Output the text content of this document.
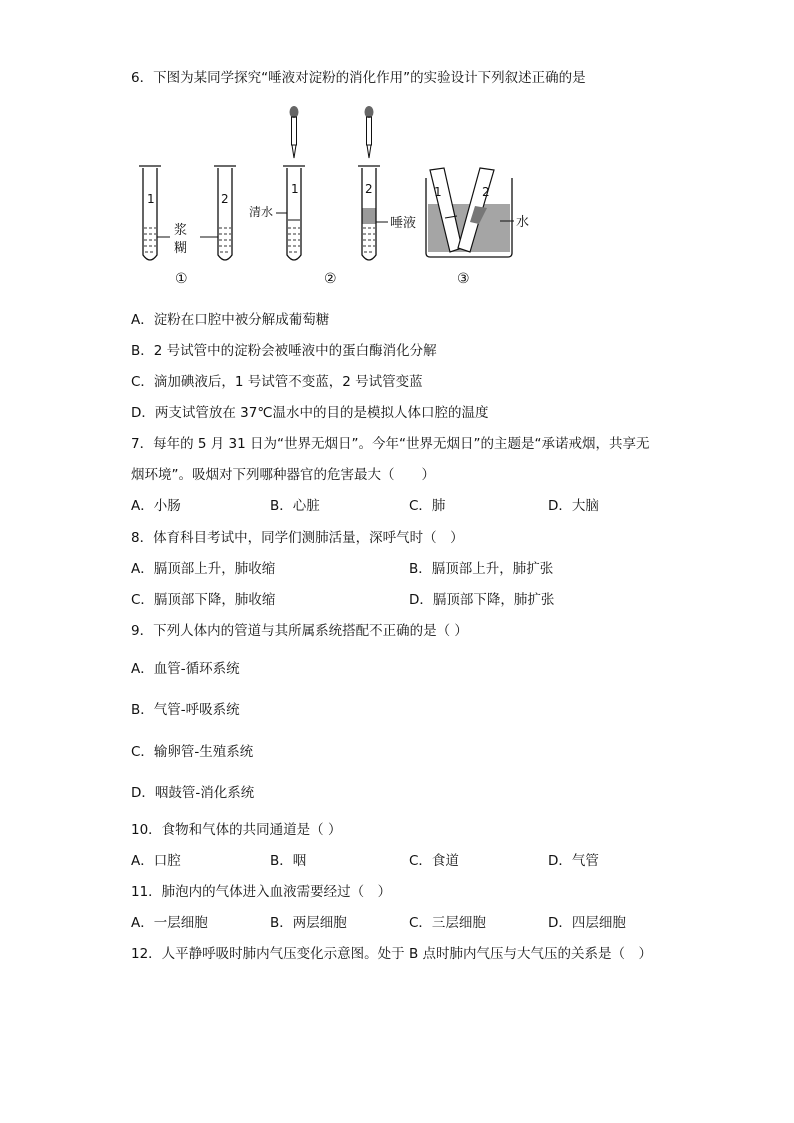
6．下图为某同学探究“唾液对淀粉的消化作用”的实验设计下列叙述正确的是
1	2
浆
糊
①
1
清水
2
唾液
②
1	2
水
③
A．淀粉在口腔中被分解成葡萄糖
B．2 号试管中的淀粉会被唾液中的蛋白酶消化分解
C．滴加碘液后，1 号试管不变蓝，2 号试管变蓝
D．两支试管放在 37℃温水中的目的是模拟人体口腔的温度
7．每年的 5 月 31 日为“世界无烟日”。今年“世界无烟日”的主题是“承诺戒烟，共享无
烟环境”。吸烟对下列哪种器官的危害最大（　　）
A．小肠	B．心脏	C．肺	D．大脑
8．体育科目考试中，同学们测肺活量，深呼气时（　）
A．膈顶部上升，肺收缩	B．膈顶部上升，肺扩张
C．膈顶部下降，肺收缩	D．膈顶部下降，肺扩张
9．下列人体内的管道与其所属系统搭配不正确的是（ ）
A．血管-循环系统
B．气管-呼吸系统
C．输卵管-生殖系统
D．咽鼓管-消化系统
10．食物和气体的共同通道是（ ）
A．口腔	B．咽	C．食道	D．气管
11．肺泡内的气体进入血液需要经过（　）
A．一层细胞	B．两层细胞	C．三层细胞	D．四层细胞
12．人平静呼吸时肺内气压变化示意图。处于 B 点时肺内气压与大气压的关系是（　）
